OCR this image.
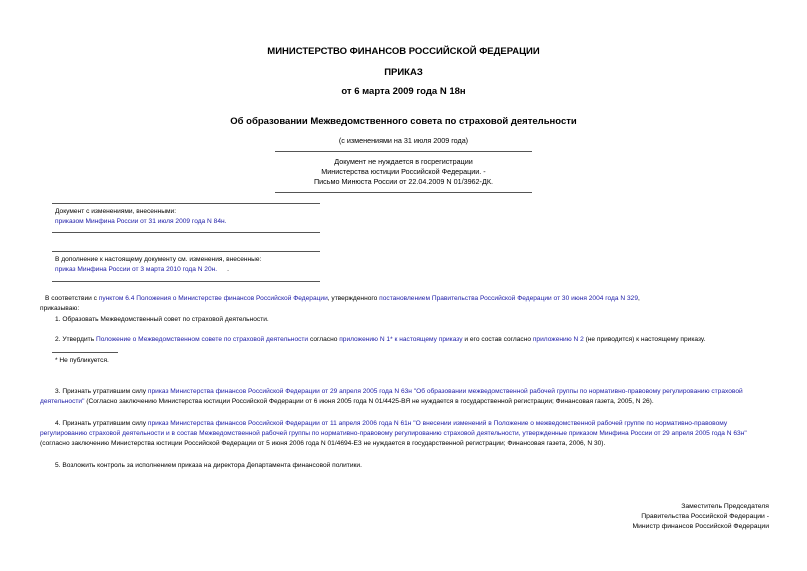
МИНИСТЕРСТВО ФИНАНСОВ РОССИЙСКОЙ ФЕДЕРАЦИИ
ПРИКАЗ
от 6 марта 2009 года N 18н
Об образовании Межведомственного совета по страховой деятельности
(с изменениями на 31 июля 2009 года)
Документ не нуждается в госрегистрации
Министерства юстиции Российской Федерации. -
Письмо Минюста России от 22.04.2009 N 01/3962-ДК.
Документ с изменениями, внесенными:
приказом Минфина России от 31 июля 2009 года N 84н.
В дополнение к настоящему документу см. изменения, внесенные:
приказ Минфина России от 3 марта 2010 года N 20н. .
В соответствии с пунктом 6.4 Положения о Министерстве финансов Российской Федерации, утвержденного постановлением Правительства Российской Федерации от 30 июня 2004 года N 329,
приказываю:
1. Образовать Межведомственный совет по страховой деятельности.
2. Утвердить Положение о Межведомственном совете по страховой деятельности согласно приложению N 1* к настоящему приказу и его состав согласно приложению N 2 (не приводится) к настоящему приказу.
* Не публикуется.
3. Признать утратившим силу приказ Министерства финансов Российской Федерации от 29 апреля 2005 года N 63н "Об образовании межведомственной рабочей группы по нормативно-правовому регулированию страховой деятельности" (Согласно заключению Министерства юстиции Российской Федерации от 6 июня 2005 года N 01/4425-ВЯ не нуждается в государственной регистрации; Финансовая газета, 2005, N 26).
4. Признать утратившим силу приказ Министерства финансов Российской Федерации от 11 апреля 2006 года N 61н "О внесении изменений в Положение о межведомственной рабочей группе по нормативно-правовому регулированию страховой деятельности и в состав Межведомственной рабочей группы по нормативно-правовому регулированию страховой деятельности, утвержденные приказом Минфина России от 29 апреля 2005 года N 63н" (согласно заключению Министерства юстиции Российской Федерации от 5 июня 2006 года N 01/4694-ЕЗ не нуждается в государственной регистрации; Финансовая газета, 2006, N 30).
5. Возложить контроль за исполнением приказа на директора Департамента финансовой политики.
Заместитель Председателя
Правительства Российской Федерации -
Министр финансов Российской Федерации
